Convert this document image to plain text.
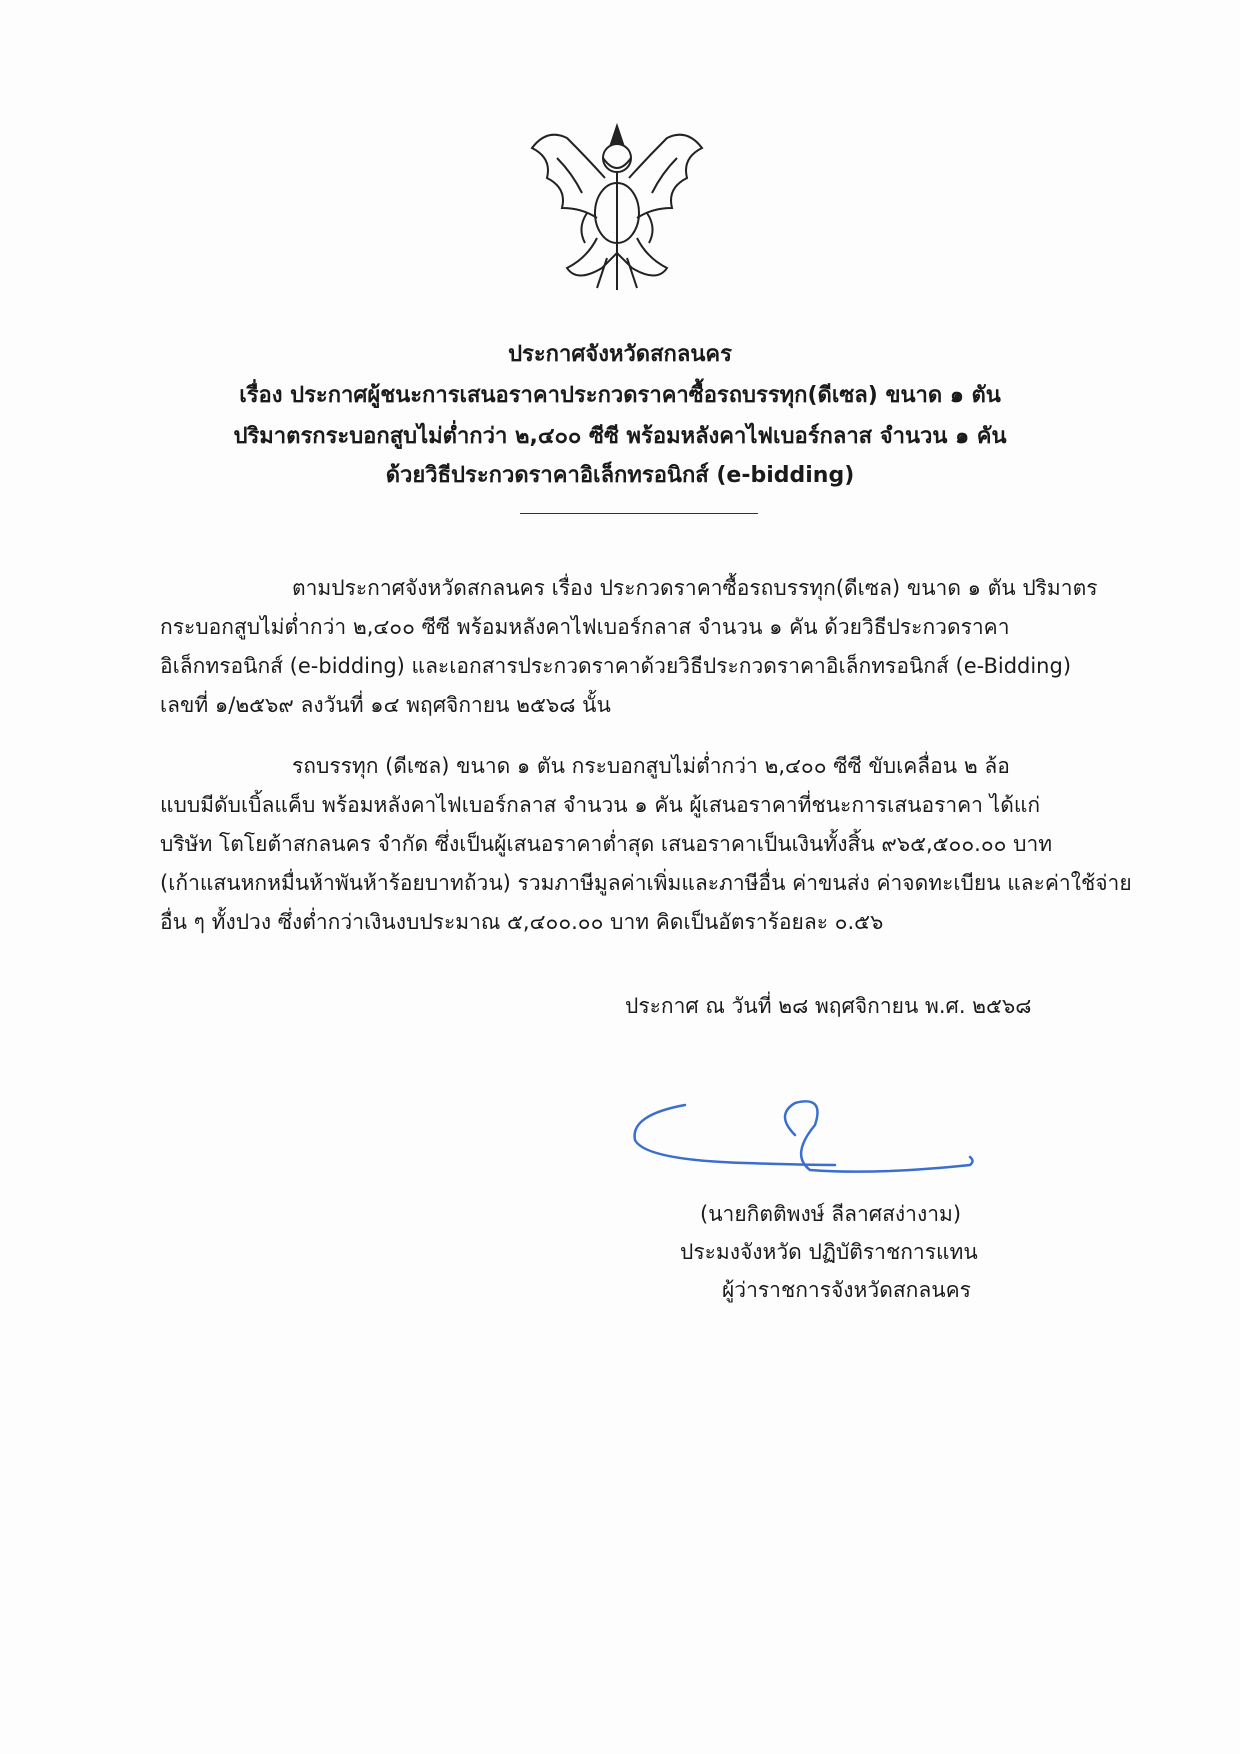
ประกาศจังหวัดสกลนคร
เรื่อง ประกาศผู้ชนะการเสนอราคาประกวดราคาซื้อรถบรรทุก(ดีเซล) ขนาด ๑ ตัน
ปริมาตรกระบอกสูบไม่ต่ำกว่า ๒,๔๐๐ ซีซี พร้อมหลังคาไฟเบอร์กลาส จำนวน ๑ คัน
ด้วยวิธีประกวดราคาอิเล็กทรอนิกส์ (e-bidding)
ตามประกาศจังหวัดสกลนคร เรื่อง ประกวดราคาซื้อรถบรรทุก(ดีเซล) ขนาด ๑ ตัน ปริมาตร
กระบอกสูบไม่ต่ำกว่า ๒,๔๐๐ ซีซี พร้อมหลังคาไฟเบอร์กลาส จำนวน ๑ คัน ด้วยวิธีประกวดราคา
อิเล็กทรอนิกส์ (e-bidding) และเอกสารประกวดราคาด้วยวิธีประกวดราคาอิเล็กทรอนิกส์ (e-Bidding)
เลขที่ ๑/๒๕๖๙ ลงวันที่ ๑๔ พฤศจิกายน ๒๕๖๘ นั้น
รถบรรทุก (ดีเซล) ขนาด ๑ ตัน กระบอกสูบไม่ต่ำกว่า ๒,๔๐๐ ซีซี ขับเคลื่อน ๒ ล้อ
แบบมีดับเบิ้ลแค็บ พร้อมหลังคาไฟเบอร์กลาส จำนวน ๑ คัน ผู้เสนอราคาที่ชนะการเสนอราคา ได้แก่
บริษัท โตโยต้าสกลนคร จำกัด ซึ่งเป็นผู้เสนอราคาต่ำสุด เสนอราคาเป็นเงินทั้งสิ้น ๙๖๕,๕๐๐.๐๐ บาท
(เก้าแสนหกหมื่นห้าพันห้าร้อยบาทถ้วน) รวมภาษีมูลค่าเพิ่มและภาษีอื่น ค่าขนส่ง ค่าจดทะเบียน และค่าใช้จ่าย
อื่น ๆ ทั้งปวง ซึ่งต่ำกว่าเงินงบประมาณ ๕,๔๐๐.๐๐ บาท คิดเป็นอัตราร้อยละ ๐.๕๖
ประกาศ ณ วันที่ ๒๘ พฤศจิกายน พ.ศ. ๒๕๖๘
(นายกิตติพงษ์ ลีลาศสง่างาม)
ประมงจังหวัด ปฏิบัติราชการแทน
ผู้ว่าราชการจังหวัดสกลนคร
